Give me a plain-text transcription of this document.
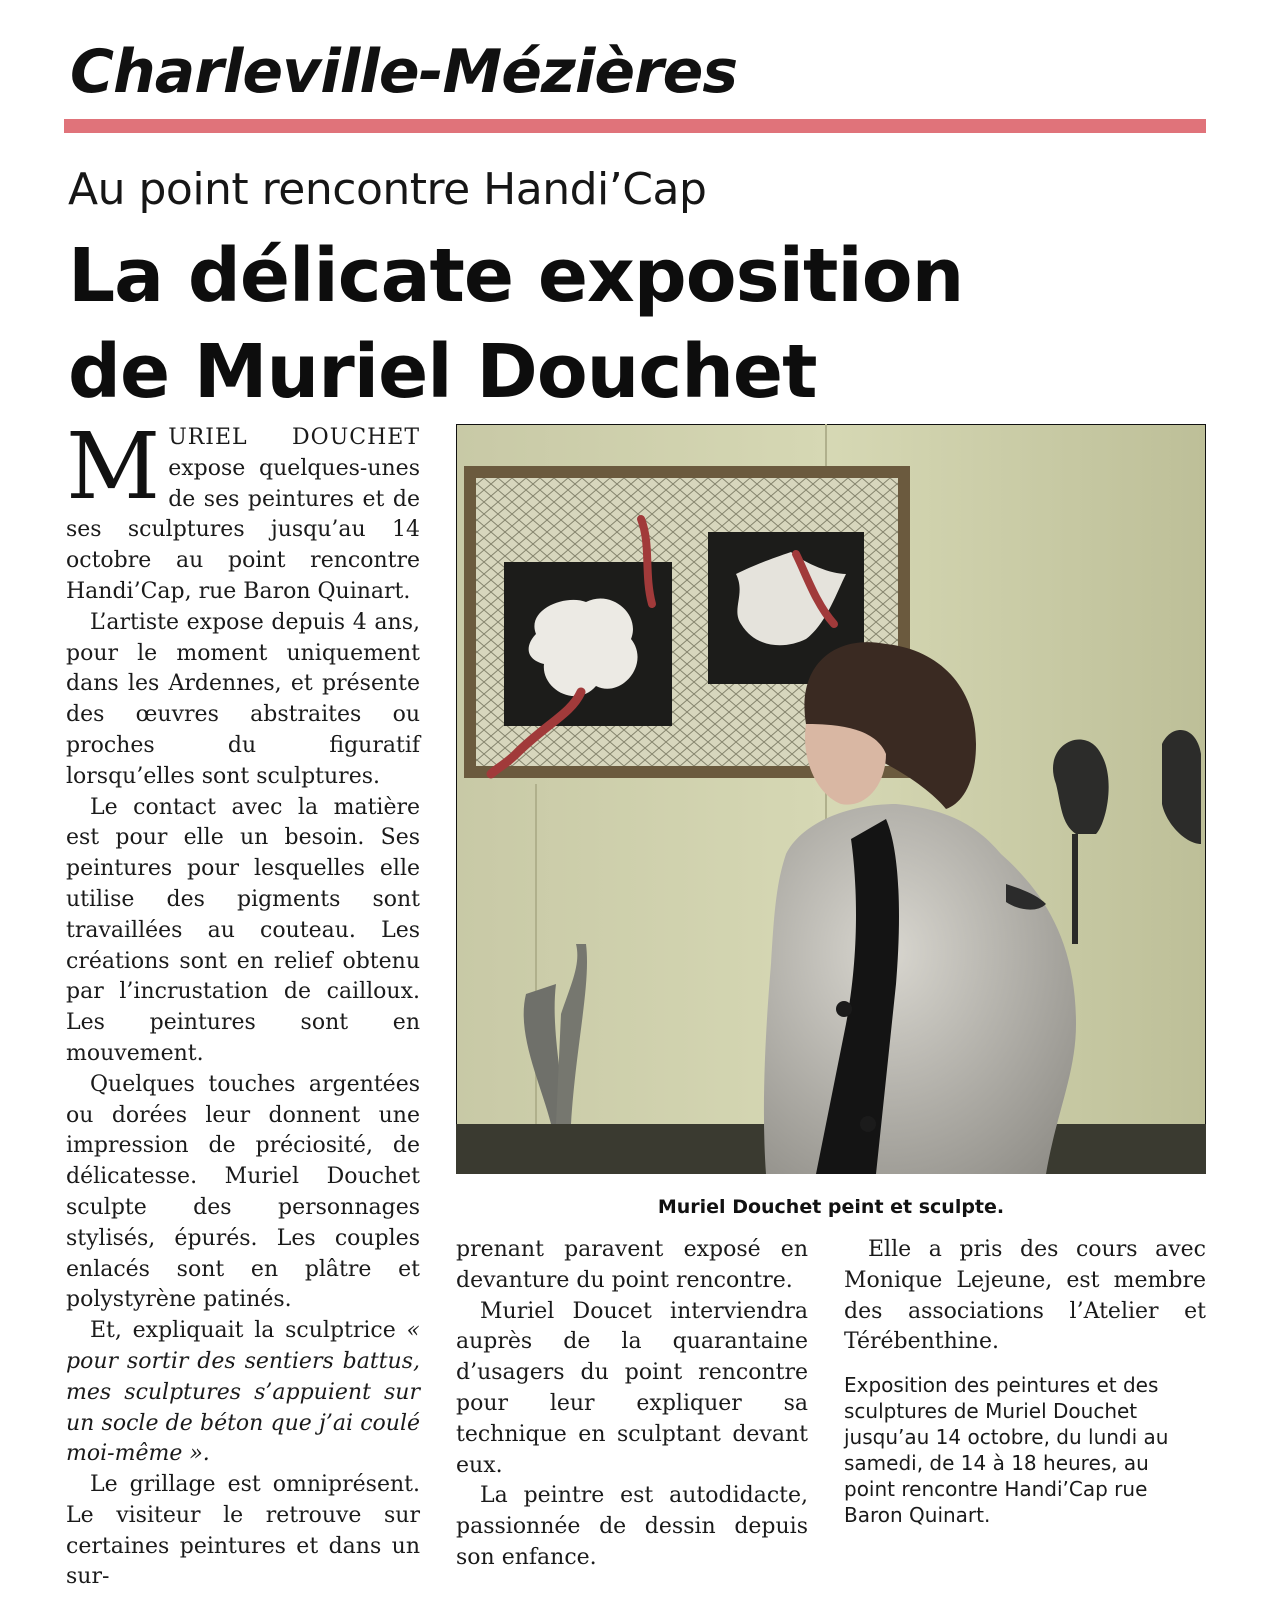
Charleville-Mézières
Au point rencontre Handi’Cap
La délicate exposition de Muriel Douchet

MURIEL DOUCHET expose quelques-unes de ses peintures et de ses sculptures jusqu’au 14 octobre au point rencontre Handi’Cap, rue Baron Quinart.

L’artiste expose depuis 4 ans, pour le moment uniquement dans les Ardennes, et présente des œuvres abstraites ou proches du figuratif lorsqu’elles sont sculptures.

Le contact avec la matière est pour elle un besoin. Ses peintures pour lesquelles elle utilise des pigments sont travaillées au couteau. Les créations sont en relief obtenu par l’incrustation de cailloux. Les peintures sont en mouvement.

Quelques touches argentées ou dorées leur donnent une impression de préciosité, de délicatesse. Muriel Douchet sculpte des personnages stylisés, épurés. Les couples enlacés sont en plâtre et polystyrène patinés.

Et, expliquait la sculptrice « pour sortir des sentiers battus, mes sculptures s’appuient sur un socle de béton que j’ai coulé moi-même ».

Le grillage est omniprésent. Le visiteur le retrouve sur certaines peintures et dans un sur-

Muriel Douchet peint et sculpte.

prenant paravent exposé en devanture du point rencontre.

Muriel Doucet interviendra auprès de la quarantaine d’usagers du point rencontre pour leur expliquer sa technique en sculptant devant eux.

La peintre est autodidacte, passionnée de dessin depuis son enfance.

Elle a pris des cours avec Monique Lejeune, est membre des associations l’Atelier et Térébenthine.

Exposition des peintures et des sculptures de Muriel Douchet jusqu’au 14 octobre, du lundi au samedi, de 14 à 18 heures, au point rencontre Handi’Cap rue Baron Quinart.
